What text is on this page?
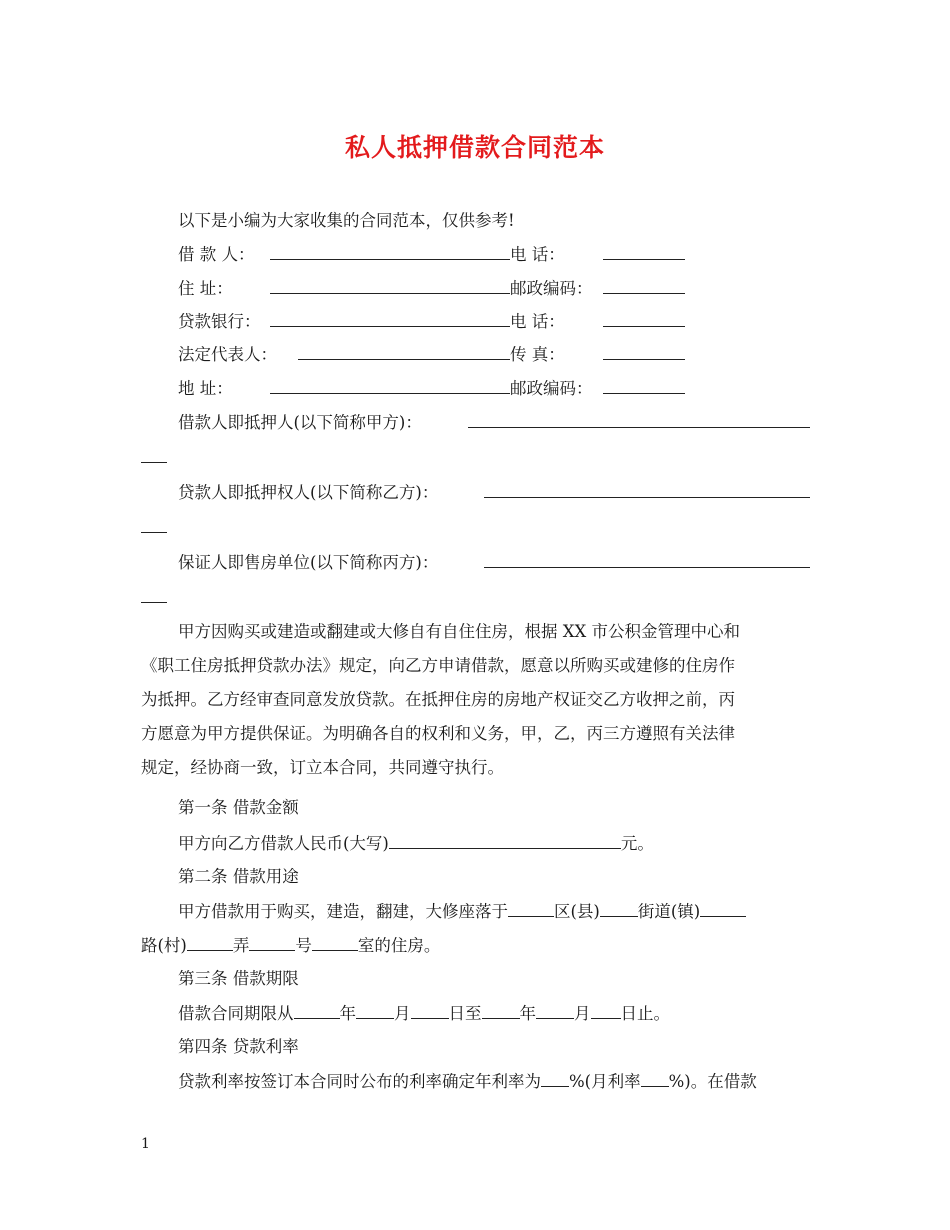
私人抵押借款合同范本
以下是小编为大家收集的合同范本，仅供参考!
借 款 人：	电 话：
住 址：	邮政编码：
贷款银行：	电 话：
法定代表人：	传 真：
地 址：	邮政编码：
借款人即抵押人(以下简称甲方)：
贷款人即抵押权人(以下简称乙方)：
保证人即售房单位(以下简称丙方)：
甲方因购买或建造或翻建或大修自有自住住房，根据 XX 市公积金管理中心和
《职工住房抵押贷款办法》规定，向乙方申请借款，愿意以所购买或建修的住房作
为抵押。乙方经审查同意发放贷款。在抵押住房的房地产权证交乙方收押之前，丙
方愿意为甲方提供保证。为明确各自的权利和义务，甲，乙，丙三方遵照有关法律
规定，经协商一致，订立本合同，共同遵守执行。
第一条 借款金额
甲方向乙方借款人民币(大写)	元。
第二条 借款用途
甲方借款用于购买，建造，翻建，大修座落于	区(县) 街道(镇)
路(村)	弄	号	室的住房。
第三条 借款期限
借款合同期限从	年 月 日至 年 月 日止。
第四条 贷款利率
贷款利率按签订本合同时公布的利率确定年利率为 %(月利率 %)。在借款
1
